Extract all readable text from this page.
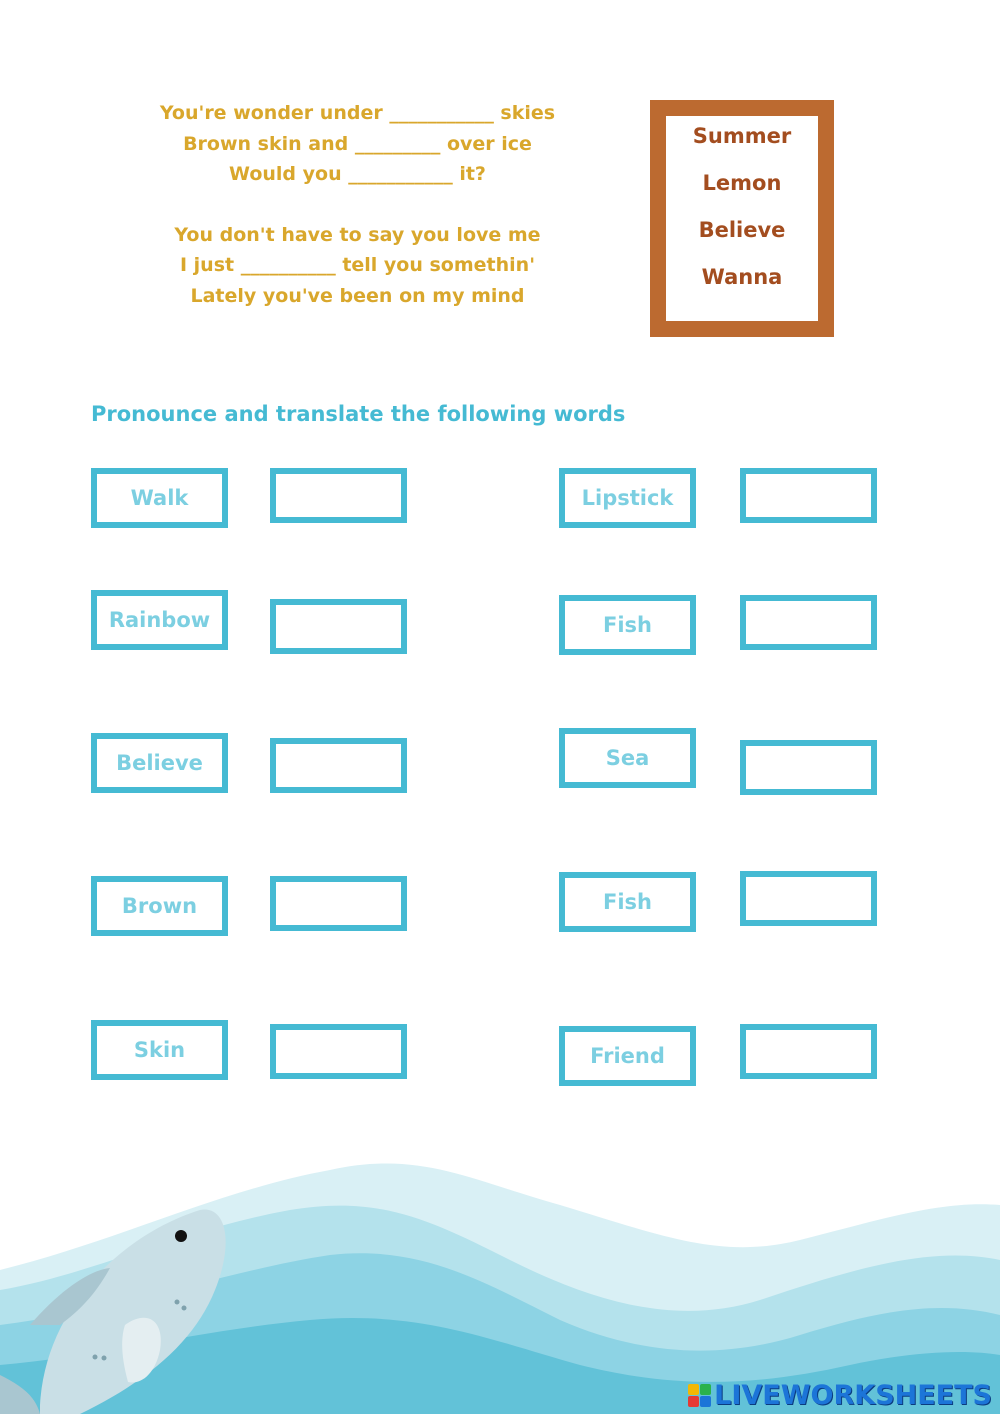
You're wonder under ___________ skies
Brown skin and _________ over ice
Would you ___________ it?
You don't have to say you love me
I just __________ tell you somethin'
Lately you've been on my mind
Summer
Lemon
Believe
Wanna
Pronounce and translate the following words
Walk
Rainbow
Believe
Brown
Skin
Lipstick
Fish
Sea
Fish
Friend
LIVEWORKSHEETS
